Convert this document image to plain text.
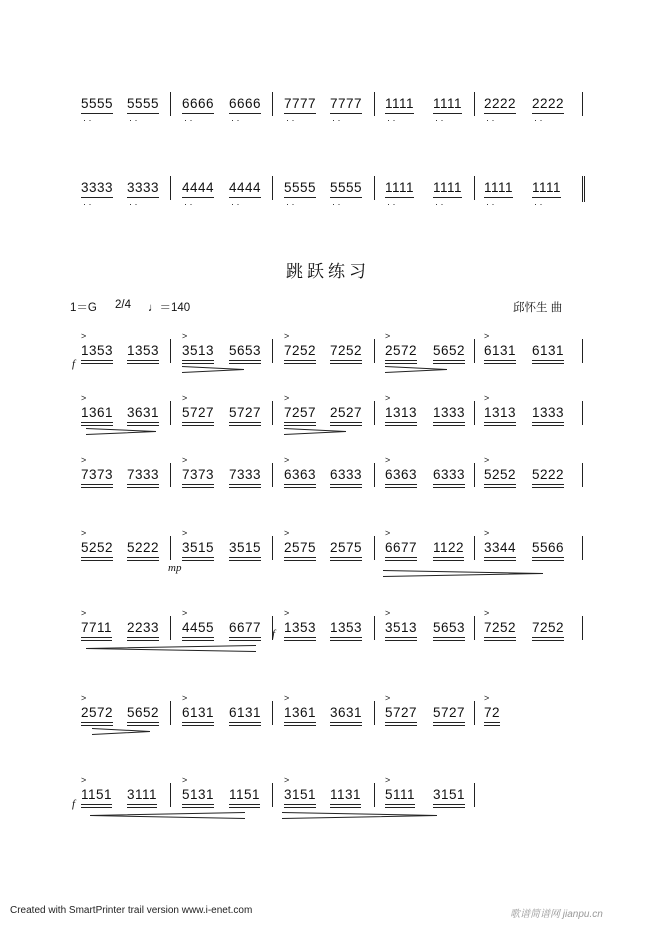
5555
· ·
5555
· ·
6666
· ·
6666
· ·
7777
· ·
7777
· ·
1111
· ·
1111
· ·
2222
· ·
2222
· ·
3333
· ·
3333
· ·
4444
· ·
4444
· ·
5555
· ·
5555
· ·
1111
· ·
1111
· ·
1111
· ·
1111
· ·
1353
>
1353 3513
>
5653 7252
>
7252 2572
>
5652 6131
>
6131
1361
>
3631 5727
>
5727 7257
>
2527 1313
>
1333 1313
>
1333
7373
>
7333 7373
>
7333 6363
>
6333 6363
>
6333 5252
>
5222
5252
>
5222 3515
>
3515 2575
>
2575 6677
>
1122 3344
>
5566
7711
>
2233 4455
>
6677 1353
>
1353 3513
>
5653 7252
>
7252
2572
>
5652 6131
>
6131 1361
>
3631 5727
>
5727 72
>
1151
>
3111 5131
>
1151 3151
>
1131 5111
>
3151
f
mp
f
f
跳跃练习
1＝G 2/4 ♩＝140	邱怀生 曲
Created with SmartPrinter trail version www.i-enet.com	歌谱简谱网 jianpu.cn
